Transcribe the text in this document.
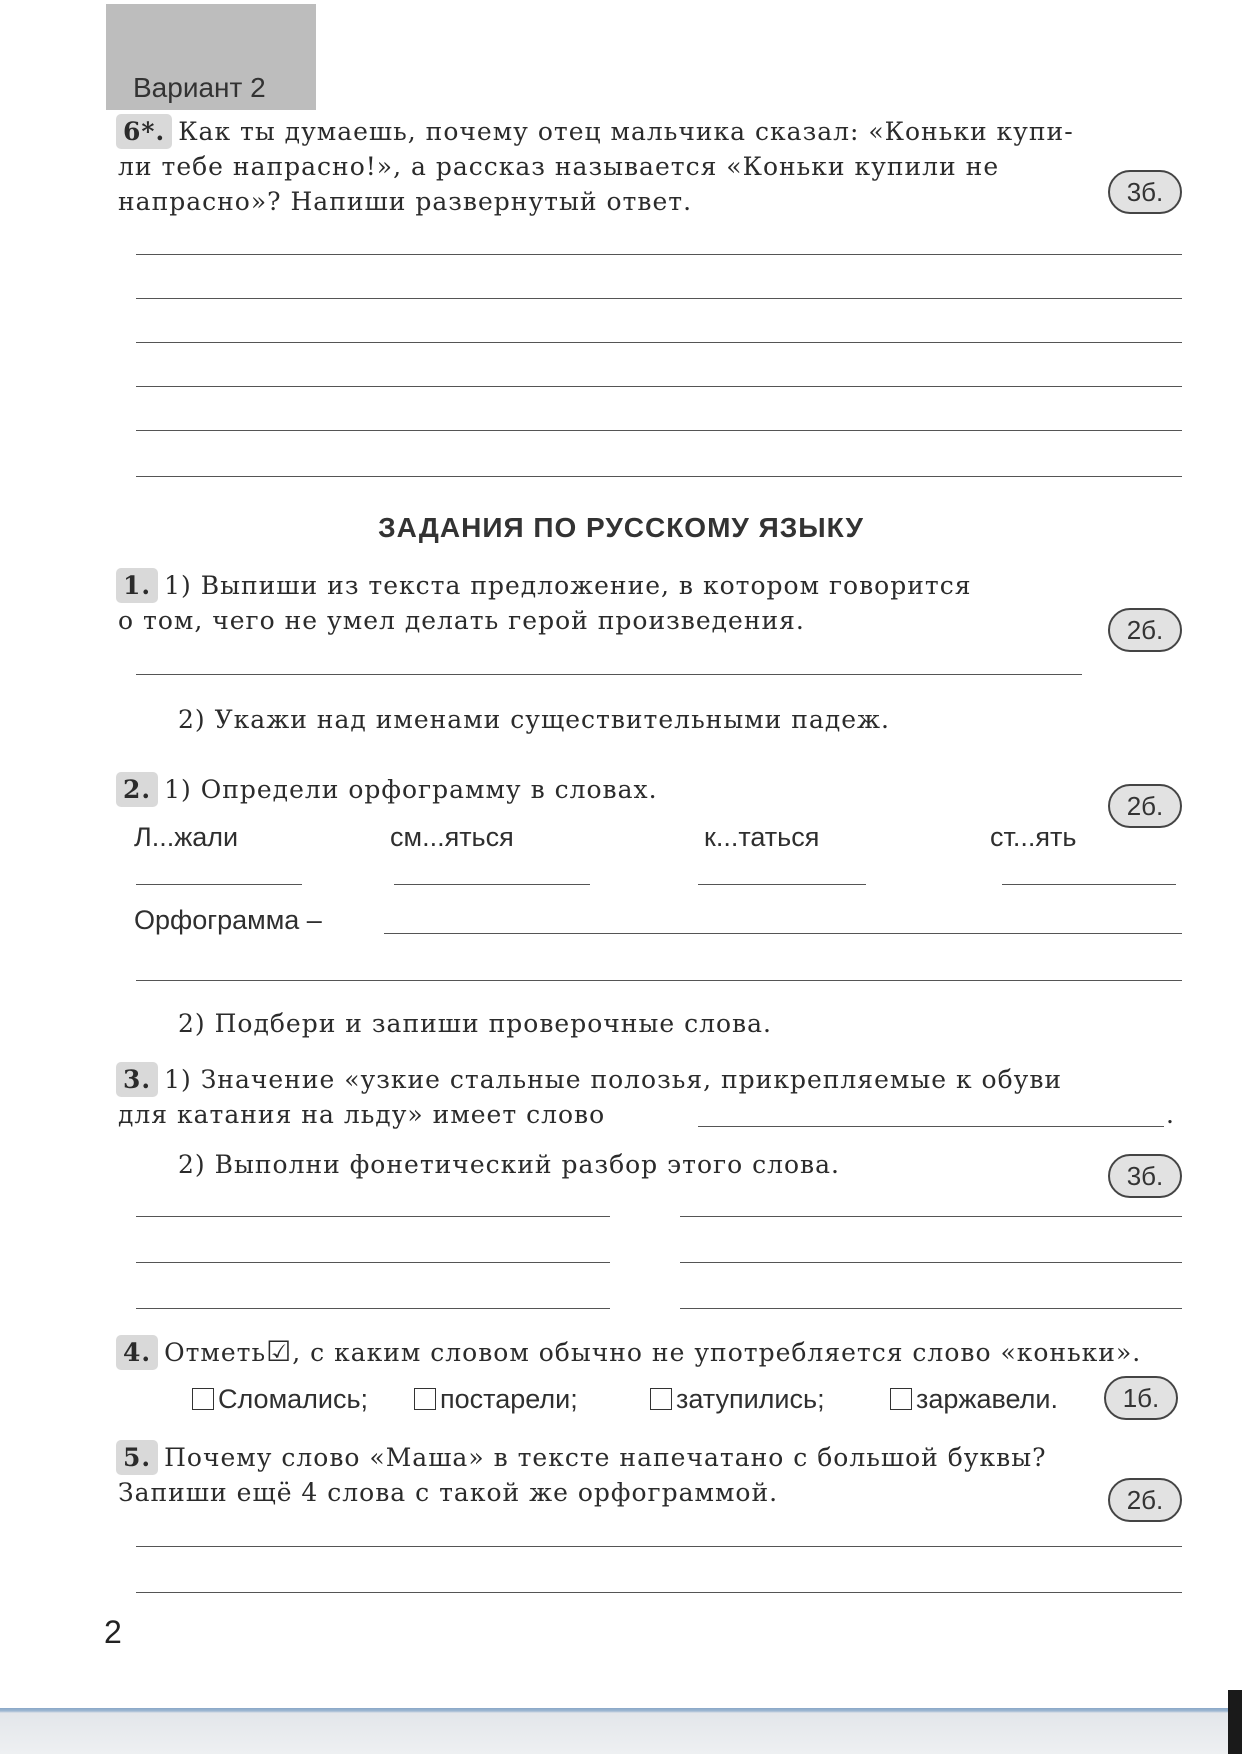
Вариант 2
6*. Как ты думаешь, почему отец мальчика сказал: «Коньки купи-
ли тебе напрасно!», а рассказ называется «Коньки купили не
напрасно»? Напиши развернутый ответ.	3б.
ЗАДАНИЯ ПО РУССКОМУ ЯЗЫКУ
1. 1) Выпиши из текста предложение, в котором говорится
о том, чего не умел делать герой произведения.	2б.
2) Укажи над именами существительными падеж.
2. 1) Определи орфограмму в словах.
2б.
Л...жали	см...яться	к...таться	ст...ять
Орфограмма –
2) Подбери и запиши проверочные слова.
3. 1) Значение «узкие стальные полозья, прикрепляемые к обуви
для катания на льду» имеет слово	.
2) Выполни фонетический разбор этого слова.	3б.
4. Отметь☑, с каким словом обычно не употребляется слово «коньки».
Сломались;	постарели;	затупились;	заржавели.	1б.
5. Почему слово «Маша» в тексте напечатано с большой буквы?
Запиши ещё 4 слова с такой же орфограммой.	2б.
2
